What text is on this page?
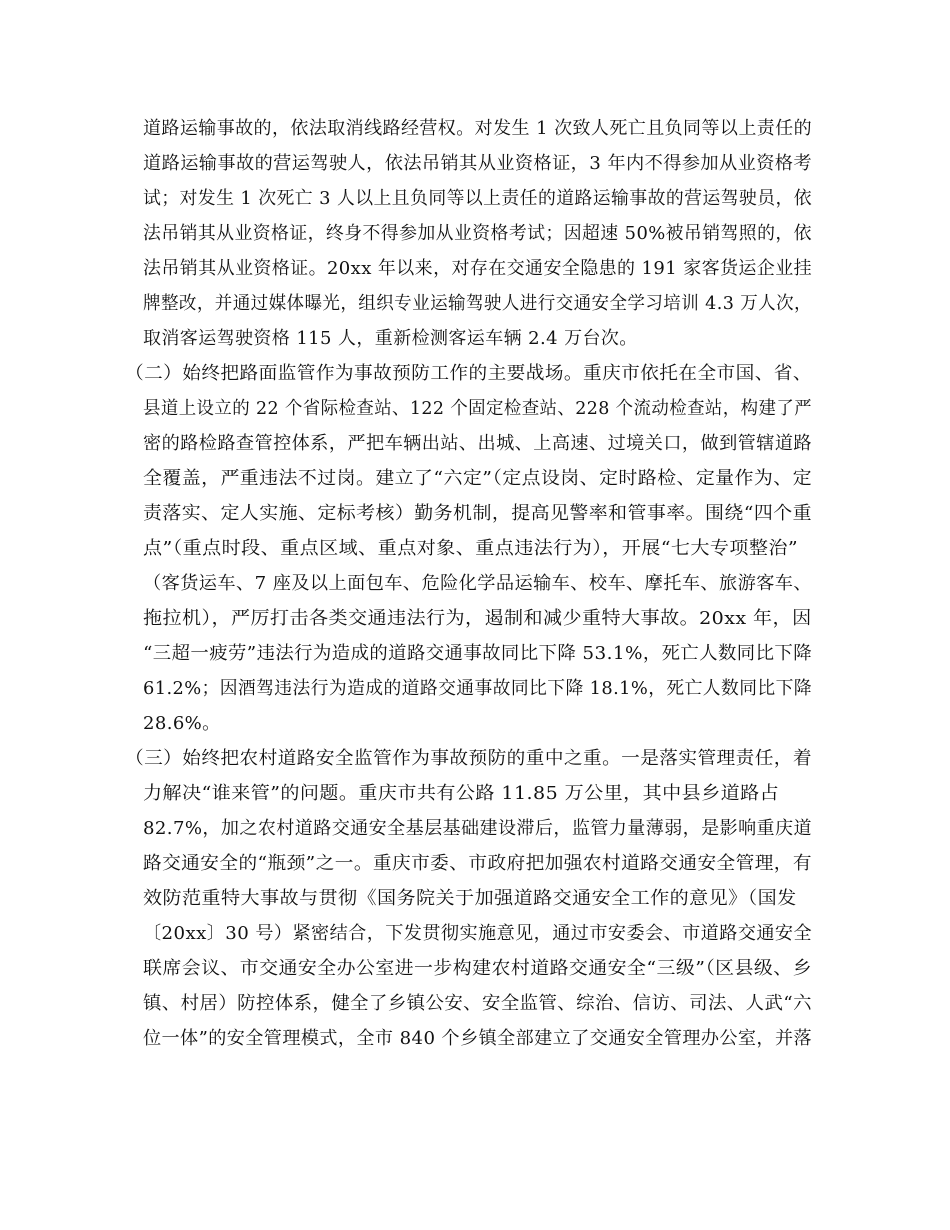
道路运输事故的，依法取消线路经营权。对发生 1 次致人死亡且负同等以上责任的
道路运输事故的营运驾驶人，依法吊销其从业资格证，3 年内不得参加从业资格考
试；对发生 1 次死亡 3 人以上且负同等以上责任的道路运输事故的营运驾驶员，依
法吊销其从业资格证，终身不得参加从业资格考试；因超速 50%被吊销驾照的，依
法吊销其从业资格证。20xx 年以来，对存在交通安全隐患的 191 家客货运企业挂
牌整改，并通过媒体曝光，组织专业运输驾驶人进行交通安全学习培训 4.3 万人次，
取消客运驾驶资格 115 人，重新检测客运车辆 2.4 万台次。
（二）始终把路面监管作为事故预防工作的主要战场。重庆市依托在全市国、省、
县道上设立的 22 个省际检查站、122 个固定检查站、228 个流动检查站，构建了严
密的路检路查管控体系，严把车辆出站、出城、上高速、过境关口，做到管辖道路
全覆盖，严重违法不过岗。建立了“六定”（定点设岗、定时路检、定量作为、定
责落实、定人实施、定标考核）勤务机制，提高见警率和管事率。围绕“四个重
点”（重点时段、重点区域、重点对象、重点违法行为），开展“七大专项整治”
（客货运车、7 座及以上面包车、危险化学品运输车、校车、摩托车、旅游客车、
拖拉机），严厉打击各类交通违法行为，遏制和减少重特大事故。20xx 年，因
“三超一疲劳”违法行为造成的道路交通事故同比下降 53.1%，死亡人数同比下降
61.2%；因酒驾违法行为造成的道路交通事故同比下降 18.1%，死亡人数同比下降
28.6%。
（三）始终把农村道路安全监管作为事故预防的重中之重。一是落实管理责任，着
力解决“谁来管”的问题。重庆市共有公路 11.85 万公里，其中县乡道路占
82.7%，加之农村道路交通安全基层基础建设滞后，监管力量薄弱，是影响重庆道
路交通安全的“瓶颈”之一。重庆市委、市政府把加强农村道路交通安全管理，有
效防范重特大事故与贯彻《国务院关于加强道路交通安全工作的意见》（国发
〔20xx〕30 号）紧密结合，下发贯彻实施意见，通过市安委会、市道路交通安全
联席会议、市交通安全办公室进一步构建农村道路交通安全“三级”（区县级、乡
镇、村居）防控体系，健全了乡镇公安、安全监管、综治、信访、司法、人武“六
位一体”的安全管理模式，全市 840 个乡镇全部建立了交通安全管理办公室，并落
